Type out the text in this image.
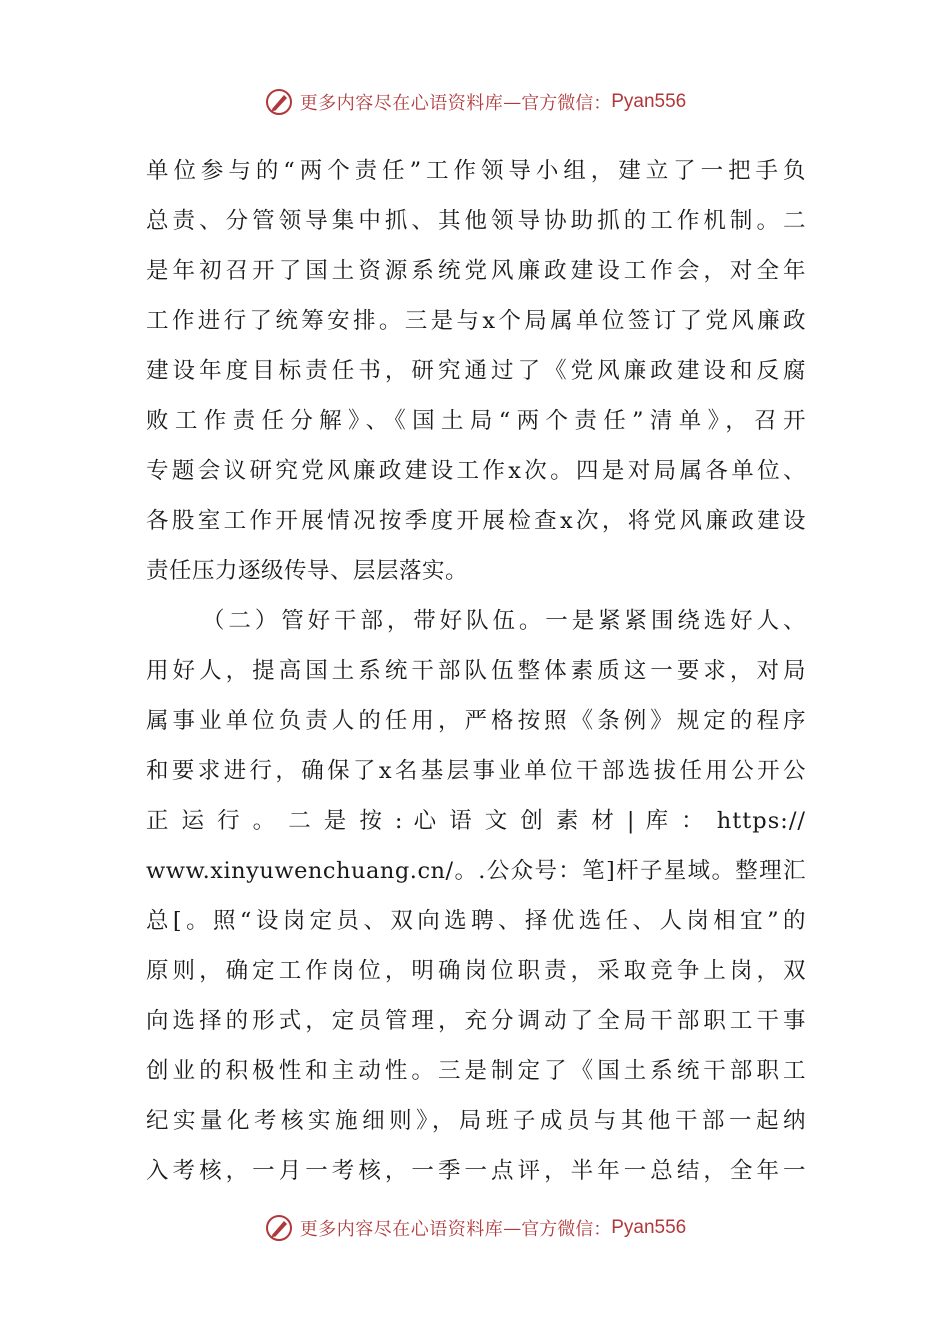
更多内容尽在心语资料库 — 官方微信： Pyan556
单位参与的“两个责任”工作领导小组，建立了一把手负
总责、分管领导集中抓、其他领导协助抓的工作机制。二
是年初召开了国土资源系统党风廉政建设工作会，对全年
工作进行了统筹安排。三是与x个局属单位签订了党风廉政
建设年度目标责任书，研究通过了《党风廉政建设和反腐
败工作责任分解》、《国土局“两个责任”清单》，召开
专题会议研究党风廉政建设工作x次。四是对局属各单位、
各股室工作开展情况按季度开展检查x次，将党风廉政建设
责任压力逐级传导、层层落实。
（二）管好干部，带好队伍。一是紧紧围绕选好人、
用好人，提高国土系统干部队伍整体素质这一要求，对局
属事业单位负责人的任用，严格按照《条例》规定的程序
和要求进行，确保了x名基层事业单位干部选拔任用公开公
正 运 行 。 二 是 按 : 心 语 文 创 素 材 | 库 ： https://
www.xinyuwenchuang.cn/。.公众号：笔]杆子星域。整理汇
总[。照“设岗定员、双向选聘、择优选任、人岗相宜”的
原则，确定工作岗位，明确岗位职责，采取竞争上岗，双
向选择的形式，定员管理，充分调动了全局干部职工干事
创业的积极性和主动性。三是制定了《国土系统干部职工
纪实量化考核实施细则》，局班子成员与其他干部一起纳
入考核，一月一考核，一季一点评，半年一总结，全年一
更多内容尽在心语资料库 — 官方微信： Pyan556
